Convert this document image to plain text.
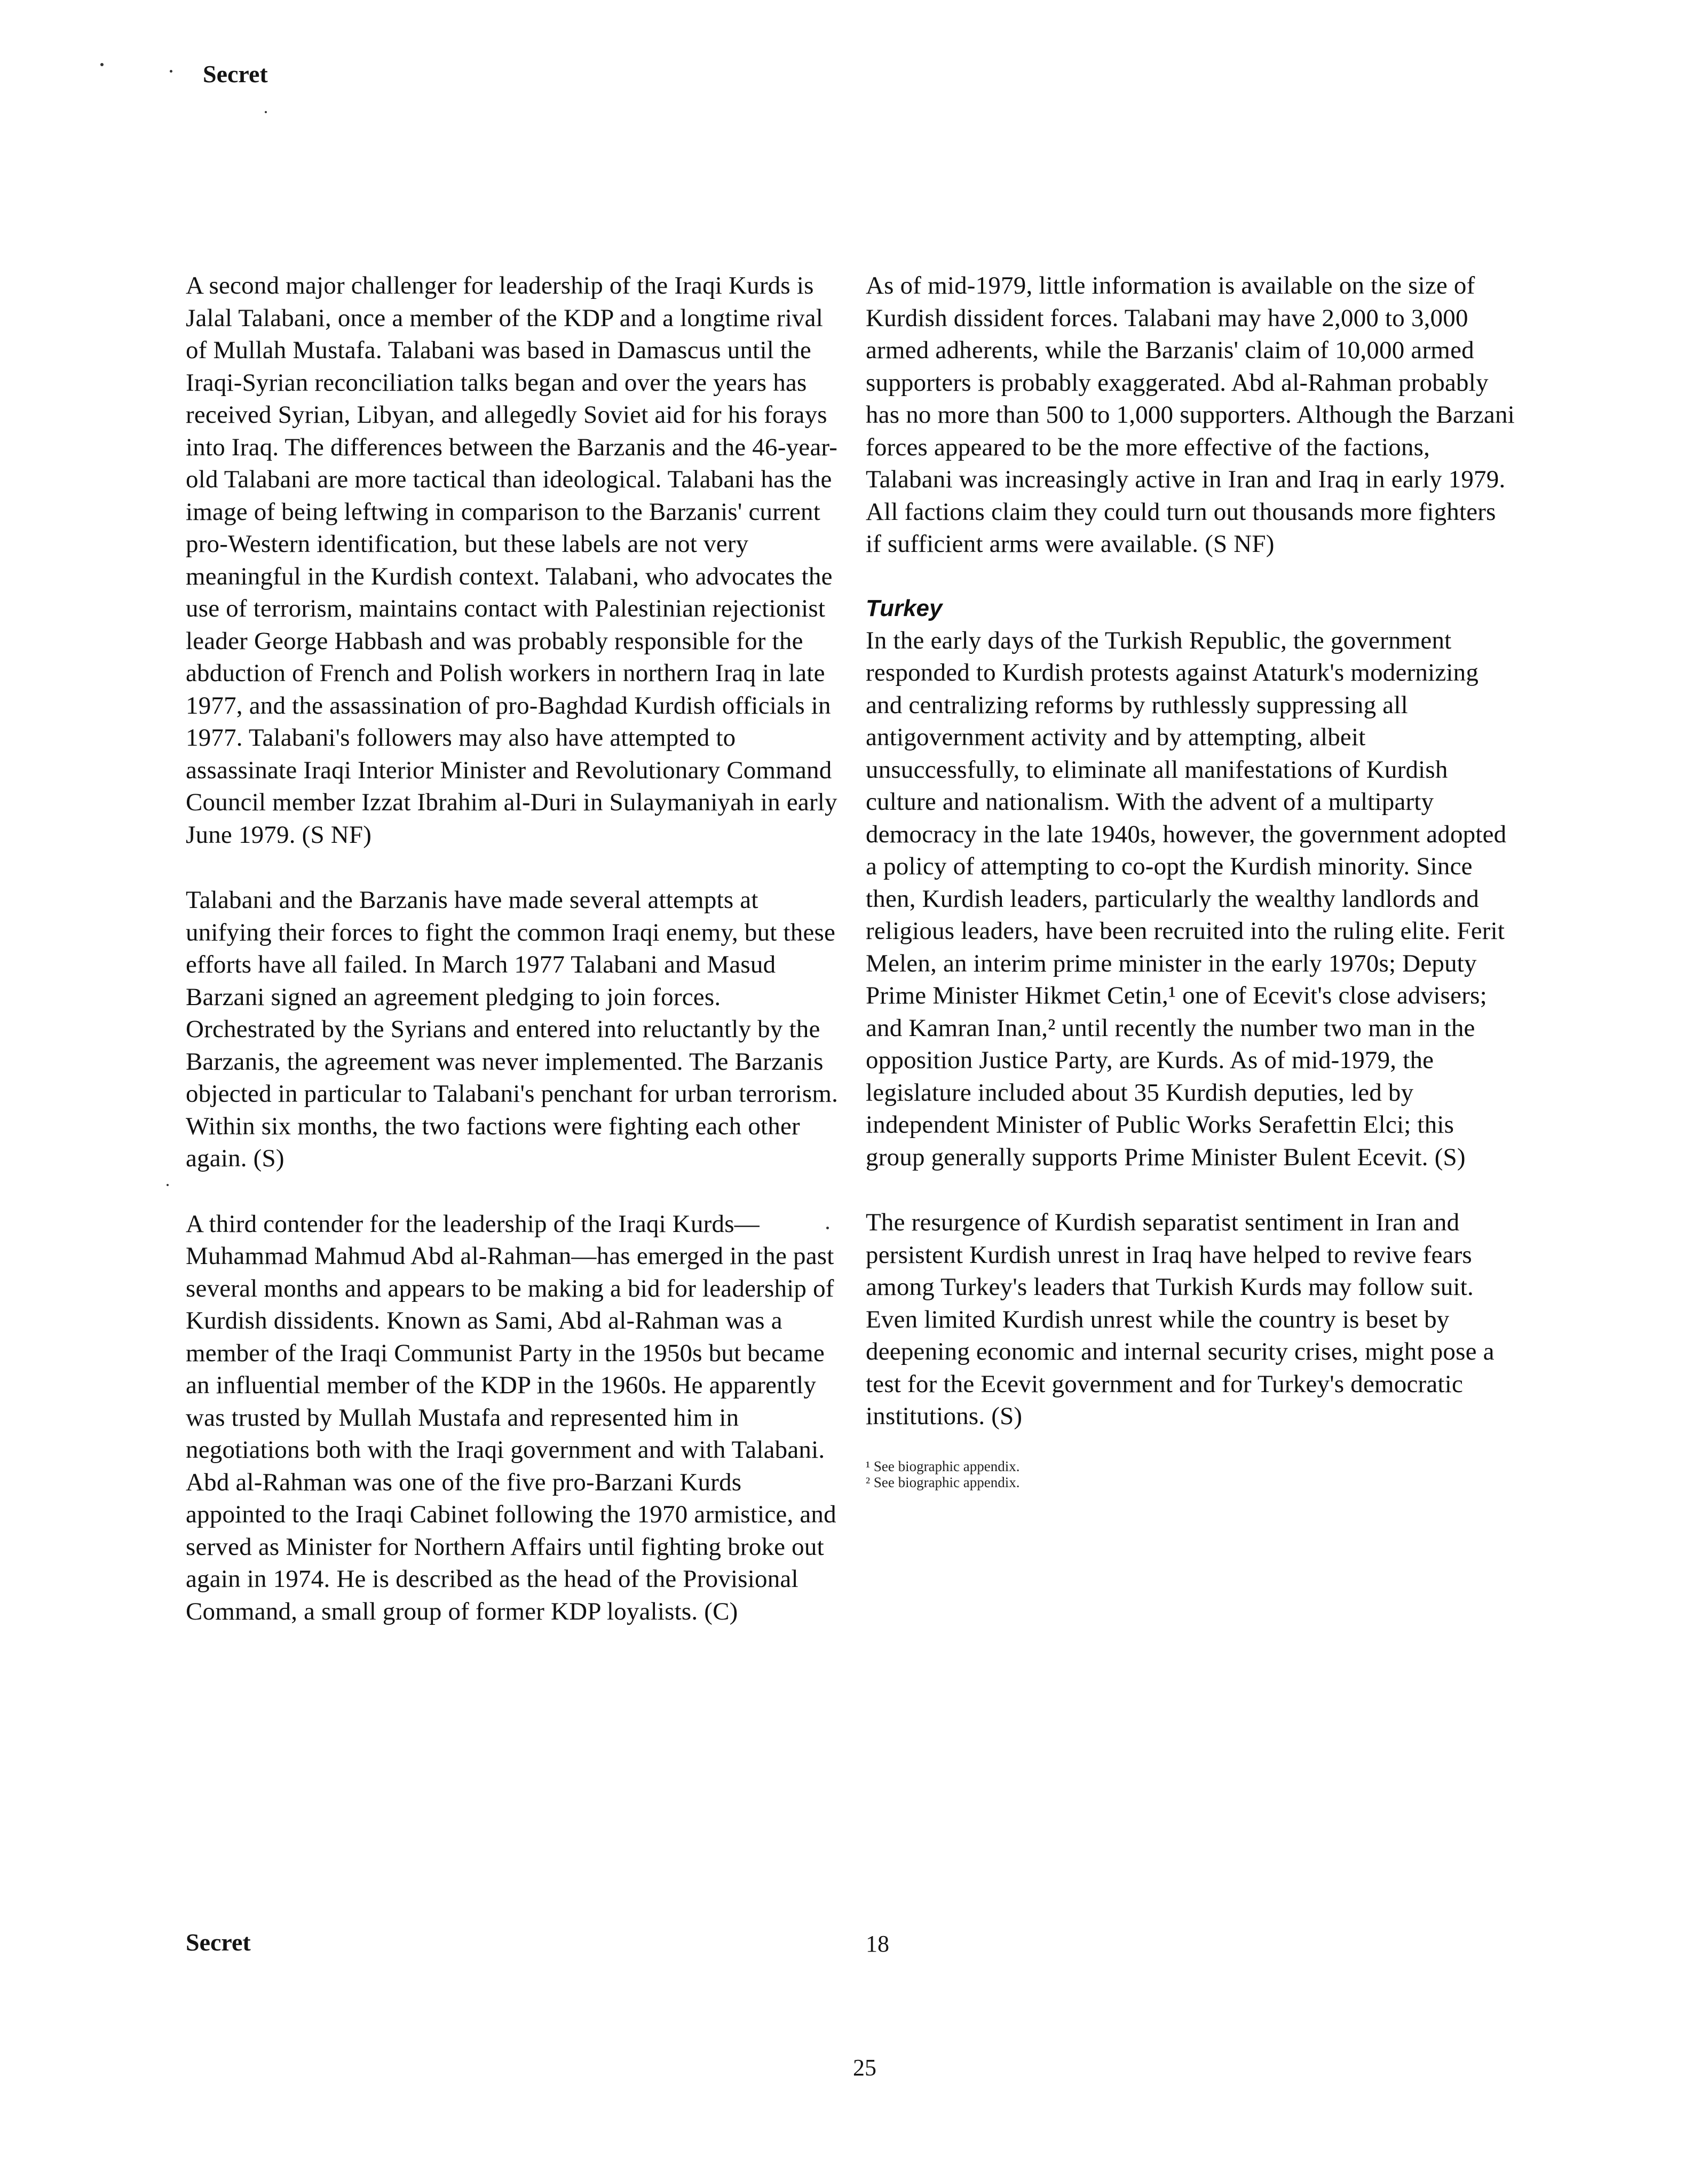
Secret

A second major challenger for leadership of the Iraqi Kurds is Jalal Talabani, once a member of the KDP and a longtime rival of Mullah Mustafa. Talabani was based in Damascus until the Iraqi-Syrian reconciliation talks began and over the years has received Syrian, Libyan, and allegedly Soviet aid for his forays into Iraq. The differences between the Barzanis and the 46-year-old Talabani are more tactical than ideological. Talabani has the image of being leftwing in comparison to the Barzanis' current pro-Western identification, but these labels are not very meaningful in the Kurdish context. Talabani, who advocates the use of terrorism, maintains contact with Palestinian rejectionist leader George Habbash and was probably responsible for the abduction of French and Polish workers in northern Iraq in late 1977, and the assassination of pro-Baghdad Kurdish officials in 1977. Talabani's followers may also have attempted to assassinate Iraqi Interior Minister and Revolutionary Command Council member Izzat Ibrahim al-Duri in Sulaymaniyah in early June 1979. (S NF)

Talabani and the Barzanis have made several attempts at unifying their forces to fight the common Iraqi enemy, but these efforts have all failed. In March 1977 Talabani and Masud Barzani signed an agreement pledging to join forces. Orchestrated by the Syrians and entered into reluctantly by the Barzanis, the agreement was never implemented. The Barzanis objected in particular to Talabani's penchant for urban terrorism. Within six months, the two factions were fighting each other again. (S)

A third contender for the leadership of the Iraqi Kurds—Muhammad Mahmud Abd al-Rahman—has emerged in the past several months and appears to be making a bid for leadership of Kurdish dissidents. Known as Sami, Abd al-Rahman was a member of the Iraqi Communist Party in the 1950s but became an influential member of the KDP in the 1960s. He apparently was trusted by Mullah Mustafa and represented him in negotiations both with the Iraqi government and with Talabani. Abd al-Rahman was one of the five pro-Barzani Kurds appointed to the Iraqi Cabinet following the 1970 armistice, and served as Minister for Northern Affairs until fighting broke out again in 1974. He is described as the head of the Provisional Command, a small group of former KDP loyalists. (C)

As of mid-1979, little information is available on the size of Kurdish dissident forces. Talabani may have 2,000 to 3,000 armed adherents, while the Barzanis' claim of 10,000 armed supporters is probably exaggerated. Abd al-Rahman probably has no more than 500 to 1,000 supporters. Although the Barzani forces appeared to be the more effective of the factions, Talabani was increasingly active in Iran and Iraq in early 1979. All factions claim they could turn out thousands more fighters if sufficient arms were available. (S NF)

Turkey

In the early days of the Turkish Republic, the government responded to Kurdish protests against Ataturk's modernizing and centralizing reforms by ruthlessly suppressing all antigovernment activity and by attempting, albeit unsuccessfully, to eliminate all manifestations of Kurdish culture and nationalism. With the advent of a multiparty democracy in the late 1940s, however, the government adopted a policy of attempting to co-opt the Kurdish minority. Since then, Kurdish leaders, particularly the wealthy landlords and religious leaders, have been recruited into the ruling elite. Ferit Melen, an interim prime minister in the early 1970s; Deputy Prime Minister Hikmet Cetin,¹ one of Ecevit's close advisers; and Kamran Inan,² until recently the number two man in the opposition Justice Party, are Kurds. As of mid-1979, the legislature included about 35 Kurdish deputies, led by independent Minister of Public Works Serafettin Elci; this group generally supports Prime Minister Bulent Ecevit. (S)

The resurgence of Kurdish separatist sentiment in Iran and persistent Kurdish unrest in Iraq have helped to revive fears among Turkey's leaders that Turkish Kurds may follow suit. Even limited Kurdish unrest while the country is beset by deepening economic and internal security crises, might pose a test for the Ecevit government and for Turkey's democratic institutions. (S)

¹ See biographic appendix.

² See biographic appendix.

Secret	18
25
